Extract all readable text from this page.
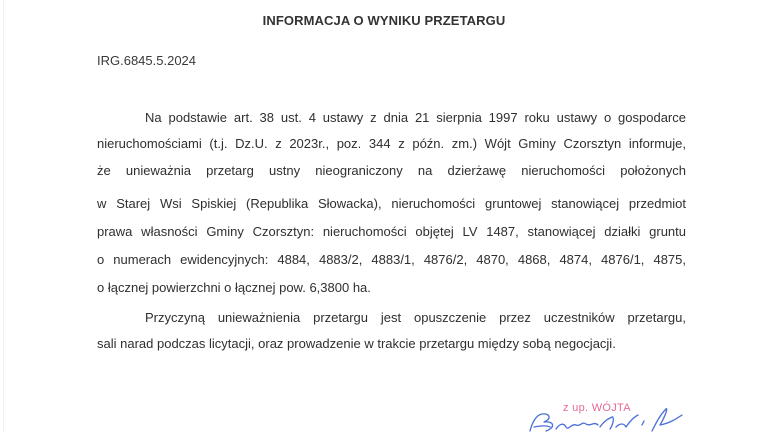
INFORMACJA O WYNIKU PRZETARGU
IRG.6845.5.2024
Na podstawie art. 38 ust. 4 ustawy z dnia 21 sierpnia 1997 roku ustawy o gospodarce
nieruchomościami (t.j. Dz.U. z 2023r., poz. 344 z późn. zm.) Wójt Gminy Czorsztyn informuje,
że unieważnia przetarg ustny nieograniczony na dzierżawę nieruchomości położonych
w Starej Wsi Spiskiej (Republika Słowacka), nieruchomości gruntowej stanowiącej przedmiot
prawa własności Gminy Czorsztyn: nieruchomości objętej LV 1487, stanowiącej działki gruntu
o numerach ewidencyjnych: 4884, 4883/2, 4883/1, 4876/2, 4870, 4868, 4874, 4876/1, 4875,
o łącznej powierzchni o łącznej pow. 6,3800 ha.
Przyczyną unieważnienia przetargu jest opuszczenie przez uczestników przetargu,
sali narad podczas licytacji, oraz prowadzenie w trakcie przetargu między sobą negocjacji.
z up. WÓJTA
